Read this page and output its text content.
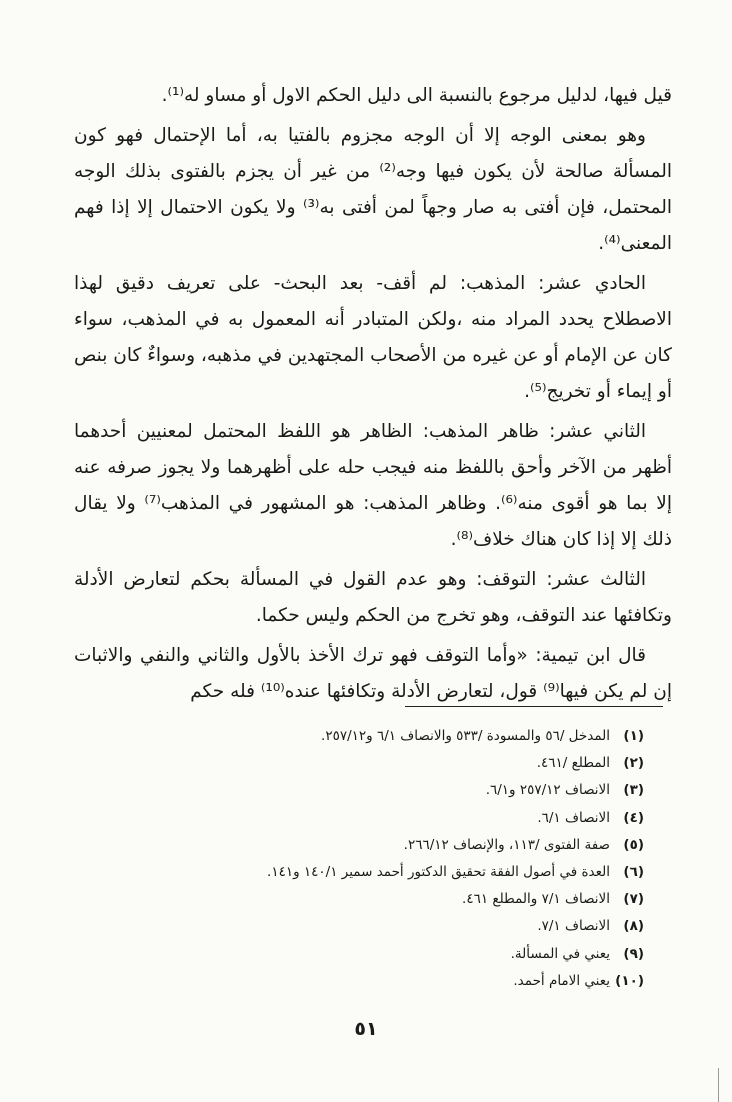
قيل فيها، لدليل مرجوع بالنسبة الى دليل الحكم الاول أو مساو له⁽¹⁾.

وهو بمعنى الوجه إلا أن الوجه مجزوم بالفتيا به، أما الإحتمال فهو كون المسألة صالحة لأن يكون فيها وجه⁽²⁾ من غير أن يجزم بالفتوى بذلك الوجه المحتمل، فإن أفتى به صار وجهاً لمن أفتى به⁽³⁾ ولا يكون الاحتمال إلا إذا فهم المعنى⁽⁴⁾.

الحادي عشر: المذهب: لم أقف- بعد البحث- على تعريف دقيق لهذا الاصطلاح يحدد المراد منه ،ولكن المتبادر أنه المعمول به في المذهب، سواء كان عن الإمام أو عن غيره من الأصحاب المجتهدين في مذهبه، وسواءٌ كان بنص أو إيماء أو تخريج⁽⁵⁾.

الثاني عشر: ظاهر المذهب: الظاهر هو اللفظ المحتمل لمعنيين أحدهما أظهر من الآخر وأحق باللفظ منه فيجب حله على أظهرهما ولا يجوز صرفه عنه إلا بما هو أقوى منه⁽⁶⁾. وظاهر المذهب: هو المشهور في المذهب⁽⁷⁾ ولا يقال ذلك إلا إذا كان هناك خلاف⁽⁸⁾.

الثالث عشر: التوقف: وهو عدم القول في المسألة بحكم لتعارض الأدلة وتكافئها عند التوقف، وهو تخرج من الحكم وليس حكما.

قال ابن تيمية: «وأما التوقف فهو ترك الأخذ بالأول والثاني والنفي والاثبات إن لم يكن فيها⁽⁹⁾ قول، لتعارض الأدلة وتكافئها عنده⁽¹⁰⁾ فله حكم

(١)
المدخل /٥٦ والمسودة /٥٣٣ والانصاف ٦/١ و٢٥٧/١٢.
(٢)
المطلع /٤٦١.
(٣)
الانصاف ٢٥٧/١٢ و٦/١.
(٤)
الانصاف ٦/١.
(٥)
صفة الفتوى /١١٣، والإنصاف ٢٦٦/١٢.
(٦)
العدة في أصول الفقة تحقيق الدكتور أحمد سمير ١٤٠/١ و١٤١.
(٧)
الانصاف ٧/١ والمطلع ٤٦١.
(٨)
الانصاف ٧/١.
(٩)
يعني في المسألة.
(١٠)
يعني الامام أحمد.
٥١
